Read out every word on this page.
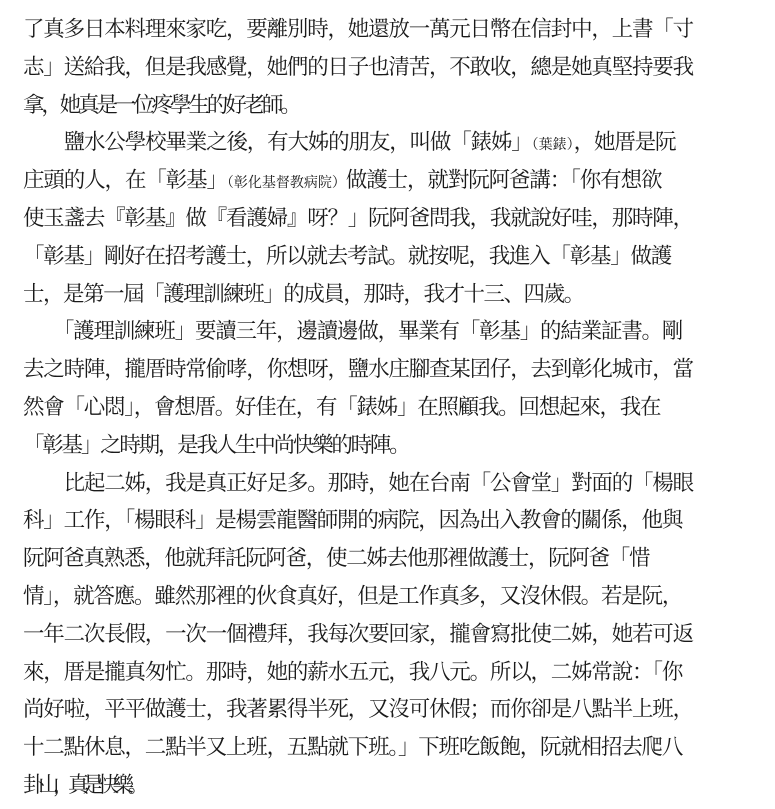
了真多日本料理來家吃，要離別時，她還放一萬元日幣在信封中，上書「寸
志」送給我，但是我感覺，她們的日子也清苦，不敢收，總是她真堅持要我
拿，她真是一位疼學生的好老師。
　　鹽水公學校畢業之後，有大姊的朋友，叫做「錶姊」（葉錶），她厝是阮
庄頭的人，在「彰基」（彰化基督教病院）做護士，就對阮阿爸講：「你有想欲
使玉盞去『彰基』做『看護婦』呀？」阮阿爸問我，我就說好哇，那時陣，
「彰基」剛好在招考護士，所以就去考試。就按呢，我進入「彰基」做護
士，是第一屆「護理訓練班」的成員，那時，我才十三、四歲。
　　「護理訓練班」要讀三年，邊讀邊做，畢業有「彰基」的結業証書。剛
去之時陣，攏厝時常偷哮，你想呀，鹽水庄腳查某囝仔，去到彰化城市，當
然會「心悶」，會想厝。好佳在，有「錶姊」在照顧我。回想起來，我在
「彰基」之時期，是我人生中尚快樂的時陣。
　　比起二姊，我是真正好足多。那時，她在台南「公會堂」對面的「楊眼
科」工作，「楊眼科」是楊雲龍醫師開的病院，因為出入教會的關係，他與
阮阿爸真熟悉，他就拜託阮阿爸，使二姊去他那裡做護士，阮阿爸「惜
情」，就答應。雖然那裡的伙食真好，但是工作真多，又沒休假。若是阮，
一年二次長假，一次一個禮拜，我每次要回家，攏會寫批使二姊，她若可返
來，厝是攏真匆忙。那時，她的薪水五元，我八元。所以，二姊常說：「你
尚好啦，平平做護士，我著累得半死，又沒可休假；而你卻是八點半上班，
十二點休息，二點半又上班，五點就下班。」下班吃飯飽，阮就相招去爬八
卦山，真是快樂。
